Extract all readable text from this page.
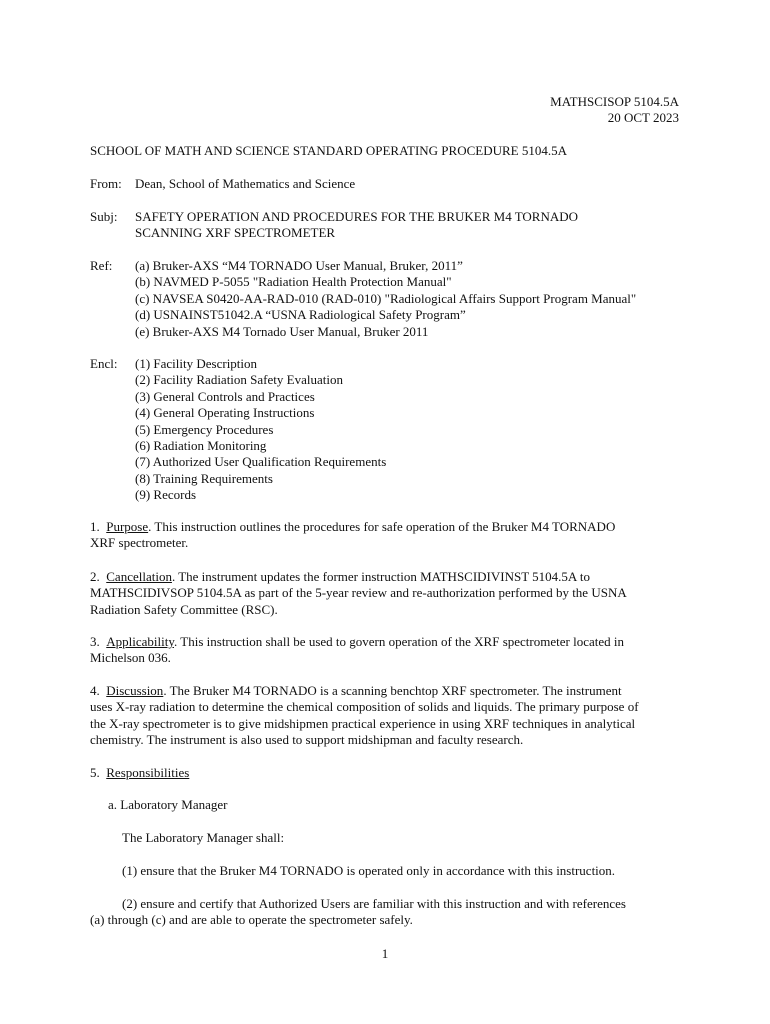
MATHSCISOP 5104.5A
20 OCT 2023
SCHOOL OF MATH AND SCIENCE STANDARD OPERATING PROCEDURE 5104.5A
From: Dean, School of Mathematics and Science
Subj: SAFETY OPERATION AND PROCEDURES FOR THE BRUKER M4 TORNADO
SCANNING XRF SPECTROMETER
Ref: (a) Bruker-AXS “M4 TORNADO User Manual, Bruker, 2011”
(b) NAVMED P-5055 "Radiation Health Protection Manual"
(c) NAVSEA S0420-AA-RAD-010 (RAD-010) "Radiological Affairs Support Program Manual"
(d) USNAINST51042.A “USNA Radiological Safety Program”
(e) Bruker-AXS M4 Tornado User Manual, Bruker 2011
Encl: (1) Facility Description
(2) Facility Radiation Safety Evaluation
(3) General Controls and Practices
(4) General Operating Instructions
(5) Emergency Procedures
(6) Radiation Monitoring
(7) Authorized User Qualification Requirements
(8) Training Requirements
(9) Records
1. Purpose. This instruction outlines the procedures for safe operation of the Bruker M4 TORNADO
XRF spectrometer.
2. Cancellation. The instrument updates the former instruction MATHSCIDIVINST 5104.5A to
MATHSCIDIVSOP 5104.5A as part of the 5-year review and re-authorization performed by the USNA
Radiation Safety Committee (RSC).
3. Applicability. This instruction shall be used to govern operation of the XRF spectrometer located in
Michelson 036.
4. Discussion. The Bruker M4 TORNADO is a scanning benchtop XRF spectrometer. The instrument
uses X-ray radiation to determine the chemical composition of solids and liquids. The primary purpose of
the X-ray spectrometer is to give midshipmen practical experience in using XRF techniques in analytical
chemistry. The instrument is also used to support midshipman and faculty research.
5. Responsibilities
a. Laboratory Manager
The Laboratory Manager shall:
(1) ensure that the Bruker M4 TORNADO is operated only in accordance with this instruction.
(2) ensure and certify that Authorized Users are familiar with this instruction and with references
(a) through (c) and are able to operate the spectrometer safely.
1
